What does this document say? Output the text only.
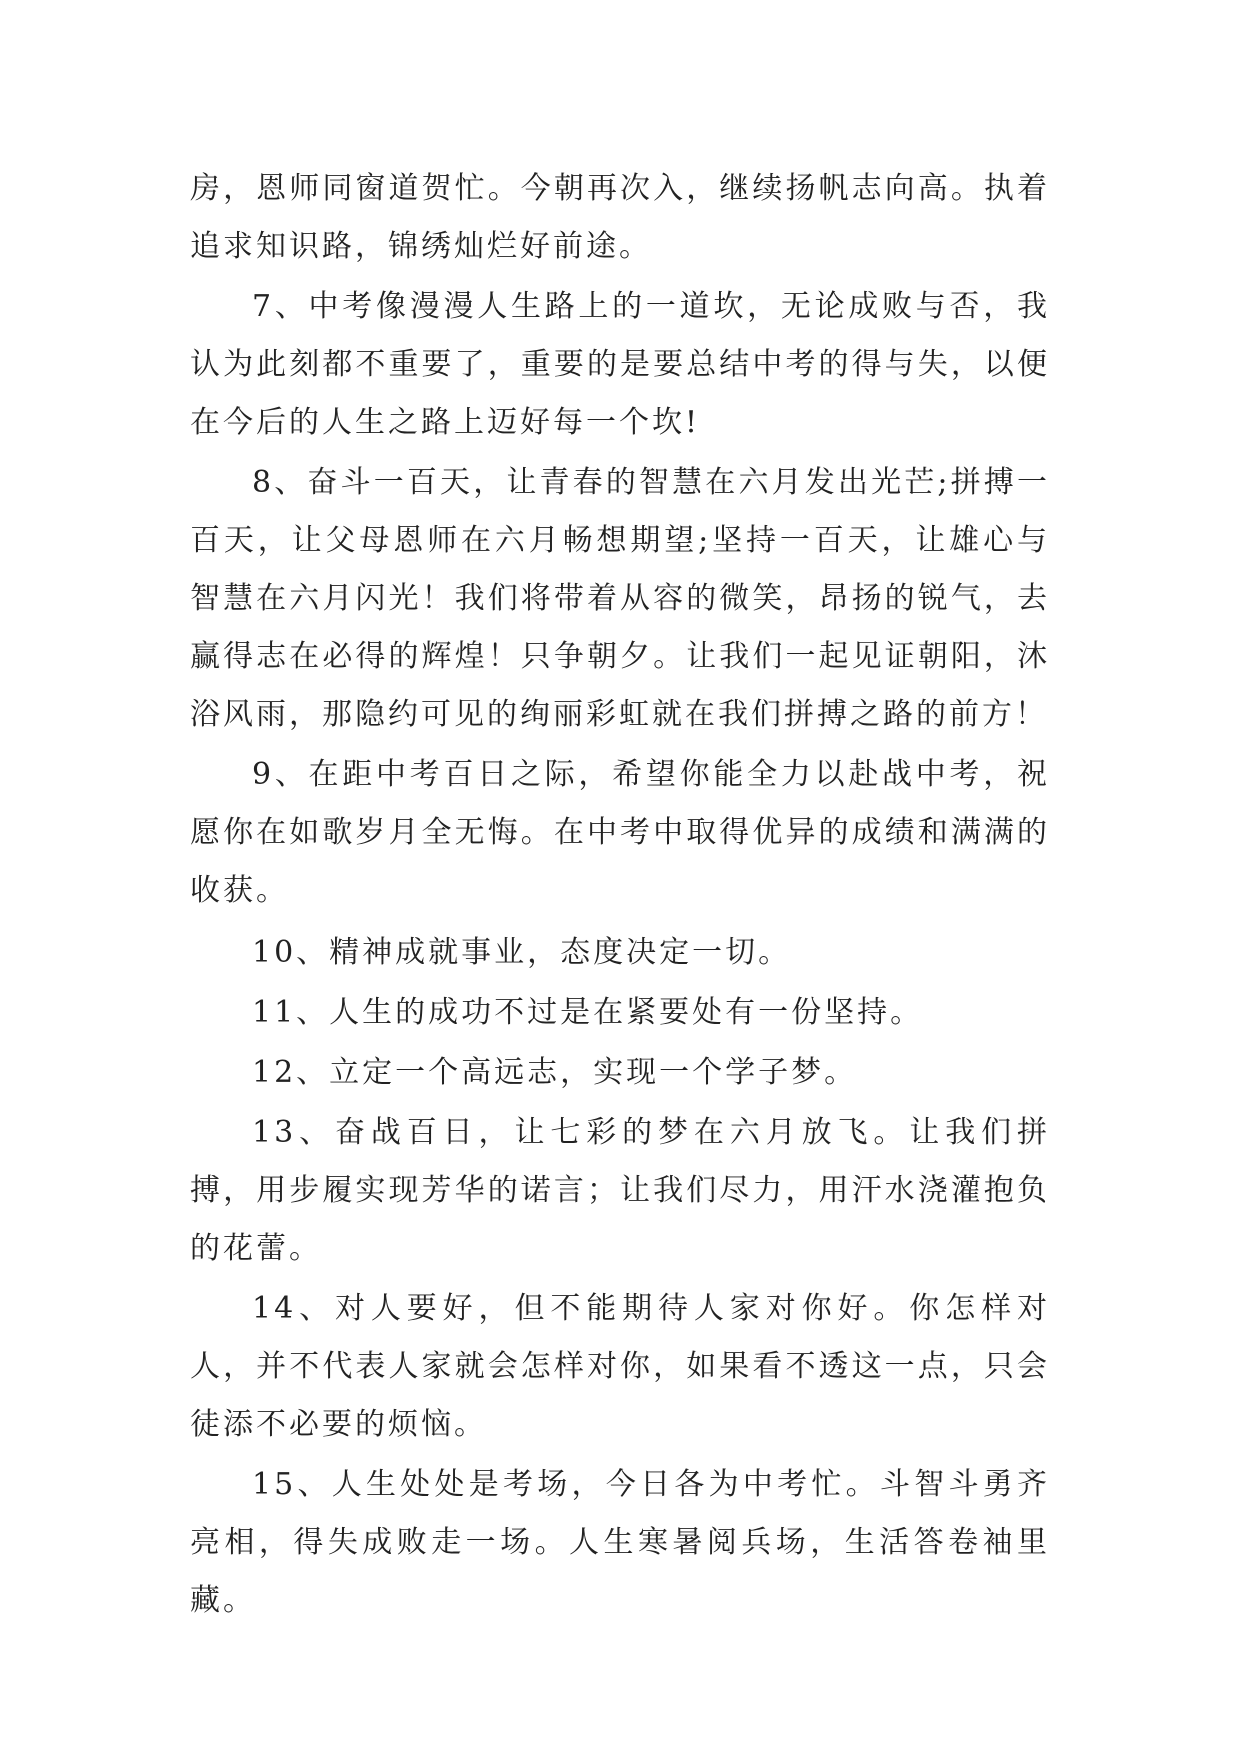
房，恩师同窗道贺忙。今朝再次入，继续扬帆志向高。执着追求知识路，锦绣灿烂好前途。

7、中考像漫漫人生路上的一道坎，无论成败与否，我认为此刻都不重要了，重要的是要总结中考的得与失，以便在今后的人生之路上迈好每一个坎!

8、奋斗一百天，让青春的智慧在六月发出光芒;拼搏一百天，让父母恩师在六月畅想期望;坚持一百天，让雄心与智慧在六月闪光！我们将带着从容的微笑，昂扬的锐气，去赢得志在必得的辉煌！只争朝夕。让我们一起见证朝阳，沐浴风雨，那隐约可见的绚丽彩虹就在我们拼搏之路的前方！

9、在距中考百日之际，希望你能全力以赴战中考，祝愿你在如歌岁月全无悔。在中考中取得优异的成绩和满满的收获。

10、精神成就事业，态度决定一切。

11、人生的成功不过是在紧要处有一份坚持。

12、立定一个高远志，实现一个学子梦。

13、奋战百日，让七彩的梦在六月放飞。让我们拼搏，用步履实现芳华的诺言；让我们尽力，用汗水浇灌抱负的花蕾。

14、对人要好，但不能期待人家对你好。你怎样对人，并不代表人家就会怎样对你，如果看不透这一点，只会徒添不必要的烦恼。

15、人生处处是考场，今日各为中考忙。斗智斗勇齐亮相，得失成败走一场。人生寒暑阅兵场，生活答卷袖里藏。
